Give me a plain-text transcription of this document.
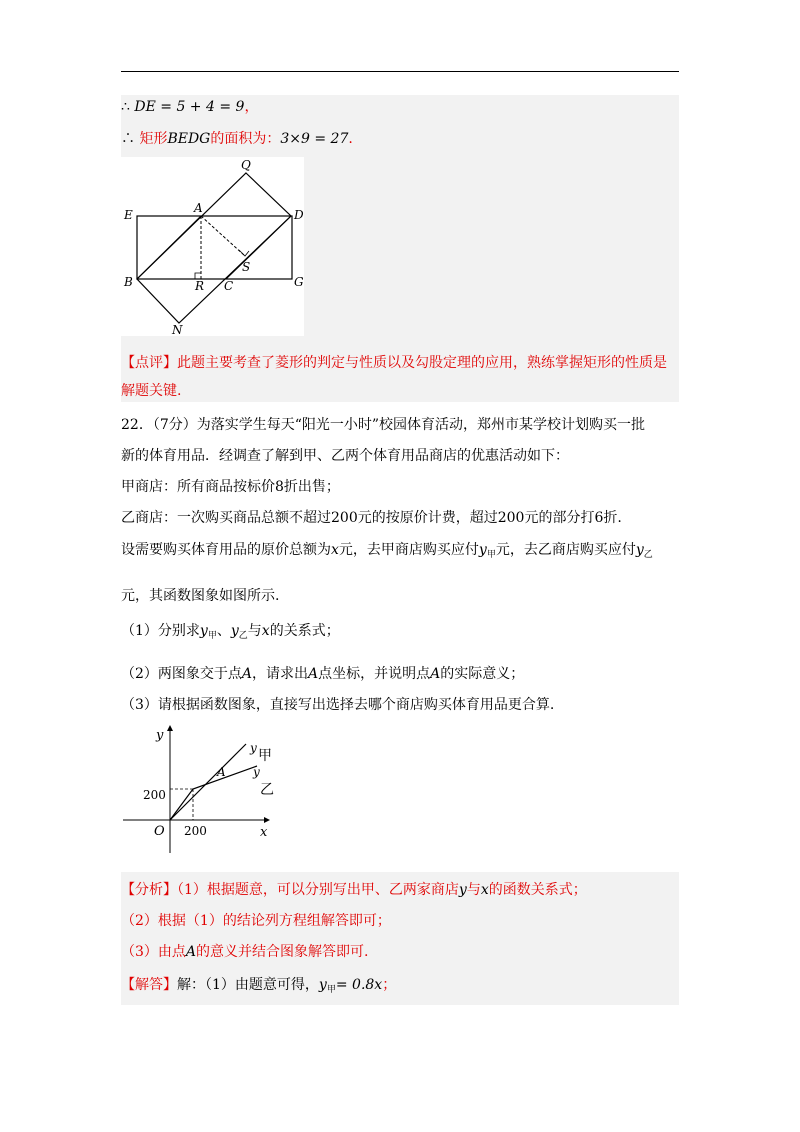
∴ DE = 5 + 4 = 9，
∴ 矩形BEDG的面积为：3×9 = 27.
Q
E	A	D
S
B	R C	G
N
【点评】此题主要考查了菱形的判定与性质以及勾股定理的应用，熟练掌握矩形的性质是
解题关键.
22．（7分）为落实学生每天“阳光一小时”校园体育活动，郑州市某学校计划购买一批
新的体育用品．经调查了解到甲、乙两个体育用品商店的优惠活动如下：
甲商店：所有商品按标价8折出售；
乙商店：一次购买商品总额不超过200元的按原价计费，超过200元的部分打6折.
设需要购买体育用品的原价总额为x元，去甲商店购买应付$y_甲$元，去乙商店购买应付$y_乙$
元，其函数图象如图所示.
（1）分别求$y_甲$、$y_乙$与x的关系式；
（2）两图象交于点A，请求出A点坐标，并说明点A的实际意义；
（3）请根据函数图象，直接写出选择去哪个商店购买体育用品更合算.
y
x
O 200
200
A
y 甲
y
乙
【分析】（1）根据题意，可以分别写出甲、乙两家商店y与x的函数关系式；
（2）根据（1）的结论列方程组解答即可；
（3）由点A的意义并结合图象解答即可.
【解答】解：（1）由题意可得，$y_甲= 0.8x$；
